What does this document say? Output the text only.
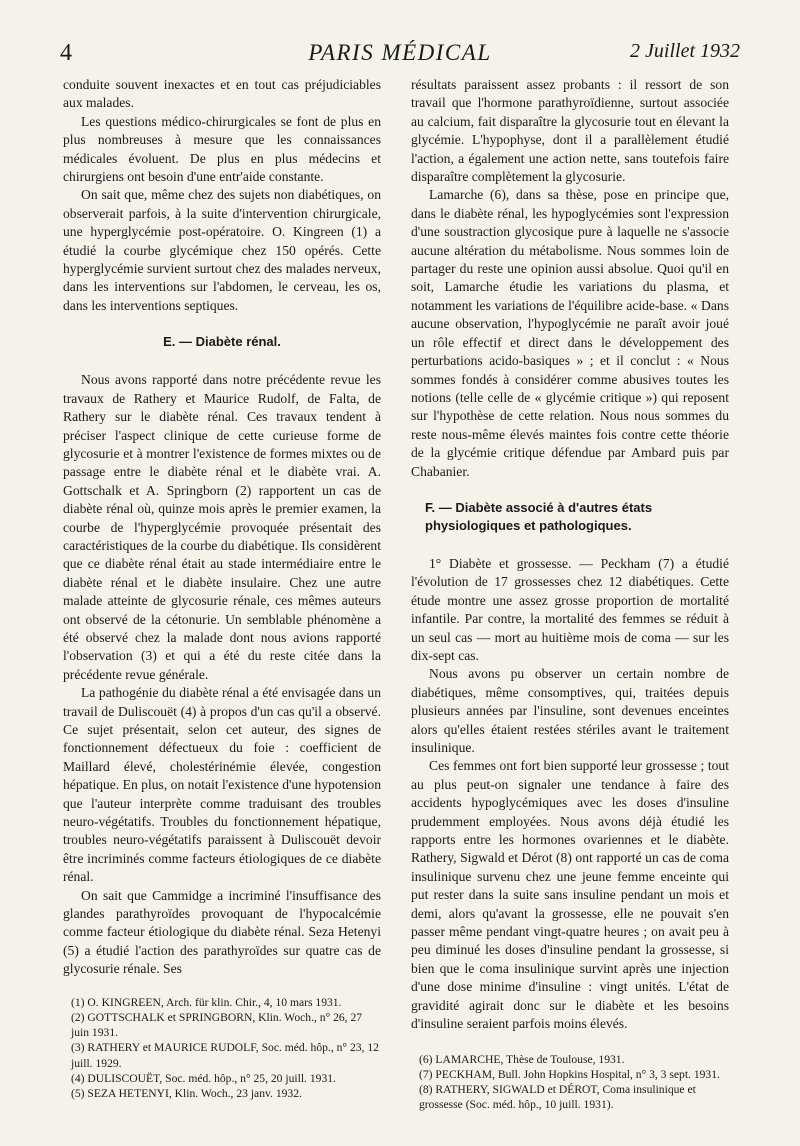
4	PARIS MÉDICAL	2 Juillet 1932

conduite souvent inexactes et en tout cas préjudiciables aux malades.

Les questions médico-chirurgicales se font de plus en plus nombreuses à mesure que les connaissances médicales évoluent. De plus en plus médecins et chirurgiens ont besoin d'une entr'aide constante.

On sait que, même chez des sujets non diabétiques, on observerait parfois, à la suite d'intervention chirurgicale, une hyperglycémie post-opératoire. O. Kingreen (1) a étudié la courbe glycémique chez 150 opérés. Cette hyperglycémie survient surtout chez des malades nerveux, dans les interventions sur l'abdomen, le cerveau, les os, dans les interventions septiques.

E. — Diabète rénal.

Nous avons rapporté dans notre précédente revue les travaux de Rathery et Maurice Rudolf, de Falta, de Rathery sur le diabète rénal. Ces travaux tendent à préciser l'aspect clinique de cette curieuse forme de glycosurie et à montrer l'existence de formes mixtes ou de passage entre le diabète rénal et le diabète vrai. A. Gottschalk et A. Springborn (2) rapportent un cas de diabète rénal où, quinze mois après le premier examen, la courbe de l'hyperglycémie provoquée présentait des caractéristiques de la courbe du diabétique. Ils considèrent que ce diabète rénal était au stade intermédiaire entre le diabète rénal et le diabète insulaire. Chez une autre malade atteinte de glycosurie rénale, ces mêmes auteurs ont observé de la cétonurie. Un semblable phénomène a été observé chez la malade dont nous avions rapporté l'observation (3) et qui a été du reste citée dans la précédente revue générale.

La pathogénie du diabète rénal a été envisagée dans un travail de Duliscouët (4) à propos d'un cas qu'il a observé. Ce sujet présentait, selon cet auteur, des signes de fonctionnement défectueux du foie : coefficient de Maillard élevé, cholestérinémie élevée, congestion hépatique. En plus, on notait l'existence d'une hypotension que l'auteur interprète comme traduisant des troubles neuro-végétatifs. Troubles du fonctionnement hépatique, troubles neuro-végétatifs paraissent à Duliscouët devoir être incriminés comme facteurs étiologiques de ce diabète rénal.

On sait que Cammidge a incriminé l'insuffisance des glandes parathyroïdes provoquant de l'hypocalcémie comme facteur étiologique du diabète rénal. Seza Hetenyi (5) a étudié l'action des parathyroïdes sur quatre cas de glycosurie rénale. Ses

(1) O. KINGREEN, Arch. für klin. Chir., 4, 10 mars 1931.
(2) GOTTSCHALK et SPRINGBORN, Klin. Woch., n° 26, 27 juin 1931.
(3) RATHERY et MAURICE RUDOLF, Soc. méd. hôp., n° 23, 12 juill. 1929.
(4) DULISCOUËT, Soc. méd. hôp., n° 25, 20 juill. 1931.
(5) SEZA HETENYI, Klin. Woch., 23 janv. 1932.

résultats paraissent assez probants : il ressort de son travail que l'hormone parathyroïdienne, surtout associée au calcium, fait disparaître la glycosurie tout en élevant la glycémie. L'hypophyse, dont il a parallèlement étudié l'action, a également une action nette, sans toutefois faire disparaître complètement la glycosurie.

Lamarche (6), dans sa thèse, pose en principe que, dans le diabète rénal, les hypoglycémies sont l'expression d'une soustraction glycosique pure à laquelle ne s'associe aucune altération du métabolisme. Nous sommes loin de partager du reste une opinion aussi absolue. Quoi qu'il en soit, Lamarche étudie les variations du plasma, et notamment les variations de l'équilibre acide-base. « Dans aucune observation, l'hypoglycémie ne paraît avoir joué un rôle effectif et direct dans le développement des perturbations acido-basiques » ; et il conclut : « Nous sommes fondés à considérer comme abusives toutes les notions (telle celle de « glycémie critique ») qui reposent sur l'hypothèse de cette relation. Nous nous sommes du reste nous-même élevés maintes fois contre cette théorie de la glycémie critique défendue par Ambard puis par Chabanier.

F. — Diabète associé à d'autres états physiologiques et pathologiques.

1° Diabète et grossesse. — Peckham (7) a étudié l'évolution de 17 grossesses chez 12 diabétiques. Cette étude montre une assez grosse proportion de mortalité infantile. Par contre, la mortalité des femmes se réduit à un seul cas — mort au huitième mois de coma — sur les dix-sept cas.

Nous avons pu observer un certain nombre de diabétiques, même consomptives, qui, traitées depuis plusieurs années par l'insuline, sont devenues enceintes alors qu'elles étaient restées stériles avant le traitement insulinique.

Ces femmes ont fort bien supporté leur grossesse ; tout au plus peut-on signaler une tendance à faire des accidents hypoglycémiques avec les doses d'insuline prudemment employées. Nous avons déjà étudié les rapports entre les hormones ovariennes et le diabète. Rathery, Sigwald et Dérot (8) ont rapporté un cas de coma insulinique survenu chez une jeune femme enceinte qui put rester dans la suite sans insuline pendant un mois et demi, alors qu'avant la grossesse, elle ne pouvait s'en passer même pendant vingt-quatre heures ; on avait peu à peu diminué les doses d'insuline pendant la grossesse, si bien que le coma insulinique survint après une injection d'une dose minime d'insuline : vingt unités. L'état de gravidité agirait donc sur le diabète et les besoins d'insuline seraient parfois moins élevés.

(6) LAMARCHE, Thèse de Toulouse, 1931.
(7) PECKHAM, Bull. John Hopkins Hospital, n° 3, 3 sept. 1931.
(8) RATHERY, SIGWALD et DÉROT, Coma insulinique et grossesse (Soc. méd. hôp., 10 juill. 1931).
